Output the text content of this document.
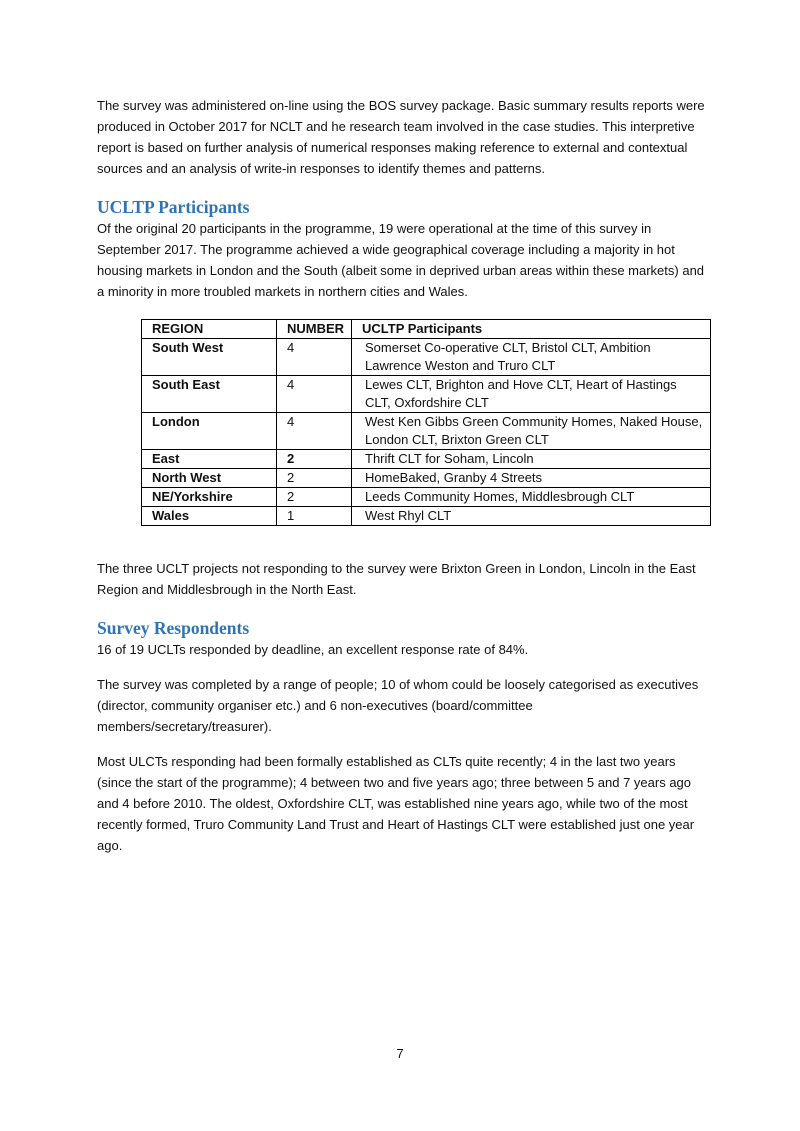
The survey was administered on-line using the BOS survey package. Basic summary results reports were produced in October 2017 for NCLT and he research team involved in the case studies. This interpretive report is based on further analysis of numerical responses making reference to external and contextual sources and an analysis of write-in responses to identify themes and patterns.

UCLTP Participants

Of the original 20 participants in the programme, 19 were operational at the time of this survey in September 2017. The programme achieved a wide geographical coverage including a majority in hot housing markets in London and the South (albeit some in deprived urban areas within these markets) and a minority in more troubled markets in northern cities and Wales.

REGION	NUMBER	UCLTP Participants
South West	4	Somerset Co-operative CLT, Bristol CLT, Ambition Lawrence Weston and Truro CLT
South East	4	Lewes CLT, Brighton and Hove CLT, Heart of Hastings CLT, Oxfordshire CLT
London	4	West Ken Gibbs Green Community Homes, Naked House, London CLT, Brixton Green CLT
East	2	Thrift CLT for Soham, Lincoln
North West	2	HomeBaked, Granby 4 Streets
NE/Yorkshire	2	Leeds Community Homes, Middlesbrough CLT
Wales	1	West Rhyl CLT

The three UCLT projects not responding to the survey were Brixton Green in London, Lincoln in the East Region and Middlesbrough in the North East.

Survey Respondents

16 of 19 UCLTs responded by deadline, an excellent response rate of 84%.

The survey was completed by a range of people; 10 of whom could be loosely categorised as executives (director, community organiser etc.) and 6 non-executives (board/committee members/secretary/treasurer).

Most ULCTs responding had been formally established as CLTs quite recently; 4 in the last two years (since the start of the programme); 4 between two and five years ago; three between 5 and 7 years ago and 4 before 2010. The oldest, Oxfordshire CLT, was established nine years ago, while two of the most recently formed, Truro Community Land Trust and Heart of Hastings CLT were established just one year ago.

7
